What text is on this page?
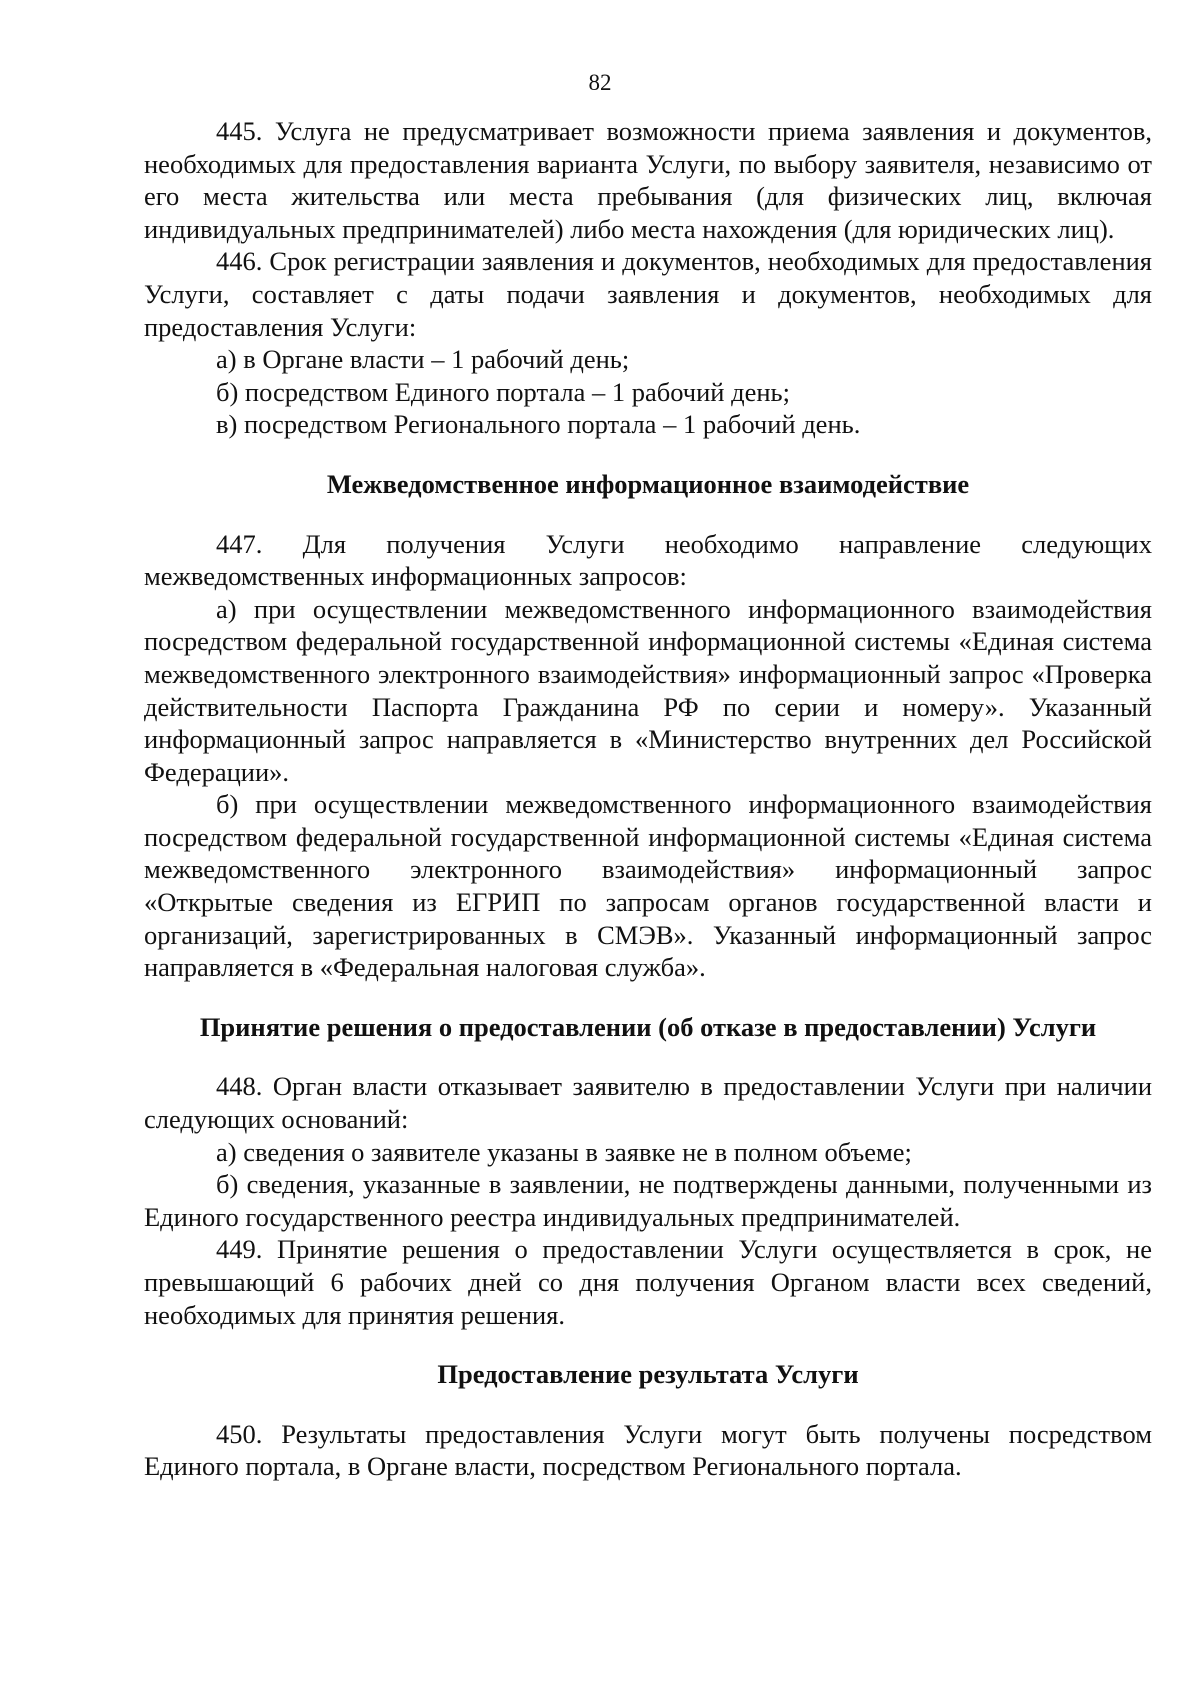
82

445. Услуга не предусматривает возможности приема заявления и документов, необходимых для предоставления варианта Услуги, по выбору заявителя, независимо от его места жительства или места пребывания (для физических лиц, включая индивидуальных предпринимателей) либо места нахождения (для юридических лиц).

446. Срок регистрации заявления и документов, необходимых для предоставления Услуги, составляет с даты подачи заявления и документов, необходимых для предоставления Услуги:

а) в Органе власти – 1 рабочий день;

б) посредством Единого портала – 1 рабочий день;

в) посредством Регионального портала – 1 рабочий день.

Межведомственное информационное взаимодействие

447. Для получения Услуги необходимо направление следующих межведомственных информационных запросов:

а) при осуществлении межведомственного информационного взаимодействия посредством федеральной государственной информационной системы «Единая система межведомственного электронного взаимодействия» информационный запрос «Проверка действительности Паспорта Гражданина РФ по серии и номеру». Указанный информационный запрос направляется в «Министерство внутренних дел Российской Федерации».

б) при осуществлении межведомственного информационного взаимодействия посредством федеральной государственной информационной системы «Единая система межведомственного электронного взаимодействия» информационный запрос «Открытые сведения из ЕГРИП по запросам органов государственной власти и организаций, зарегистрированных в СМЭВ». Указанный информационный запрос направляется в «Федеральная налоговая служба».

Принятие решения о предоставлении (об отказе в предоставлении) Услуги

448. Орган власти отказывает заявителю в предоставлении Услуги при наличии следующих оснований:

а) сведения о заявителе указаны в заявке не в полном объеме;

б) сведения, указанные в заявлении, не подтверждены данными, полученными из Единого государственного реестра индивидуальных предпринимателей.

449. Принятие решения о предоставлении Услуги осуществляется в срок, не превышающий 6 рабочих дней со дня получения Органом власти всех сведений, необходимых для принятия решения.

Предоставление результата Услуги

450. Результаты предоставления Услуги могут быть получены посредством Единого портала, в Органе власти, посредством Регионального портала.
